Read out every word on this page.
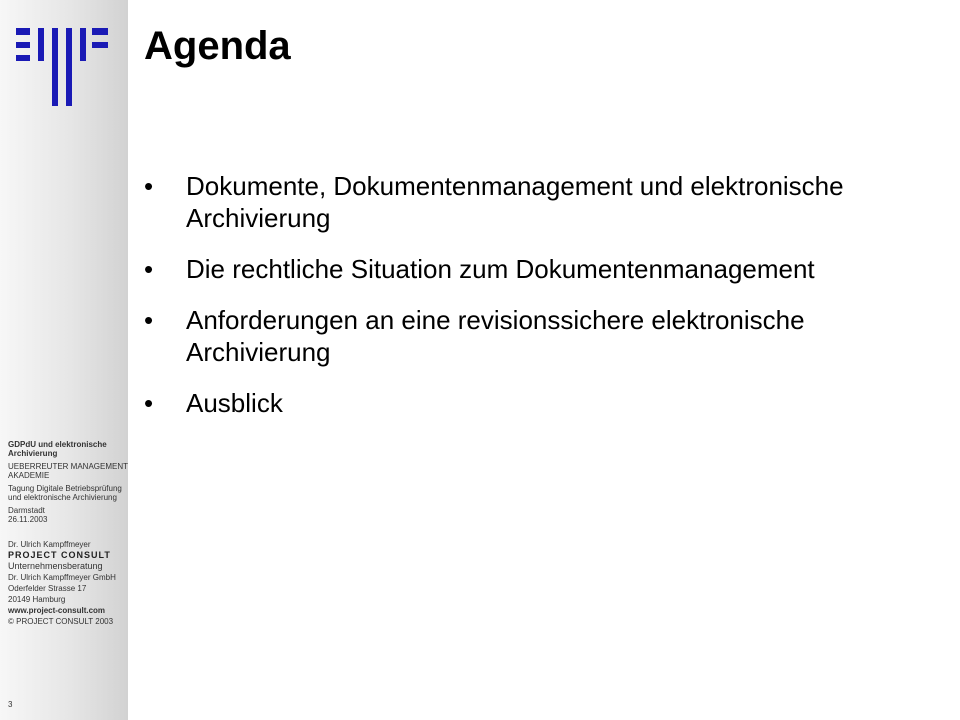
GDPdU und elektronische Archivierung
UEBERREUTER MANAGEMENT AKADEMIE
Tagung Digitale Betriebsprüfung und elektronische Archivierung
Darmstadt
26.11.2003
Dr. Ulrich Kampffmeyer
PROJECT CONSULT
Unternehmensberatung
Dr. Ulrich Kampffmeyer GmbH
Oderfelder Strasse 17
20149 Hamburg
www.project-consult.com
© PROJECT CONSULT 2003
3
Agenda
• Dokumente, Dokumentenmanagement und elektronische Archivierung
• Die rechtliche Situation zum Dokumentenmanagement
• Anforderungen an eine revisionssichere elektronische Archivierung
• Ausblick
